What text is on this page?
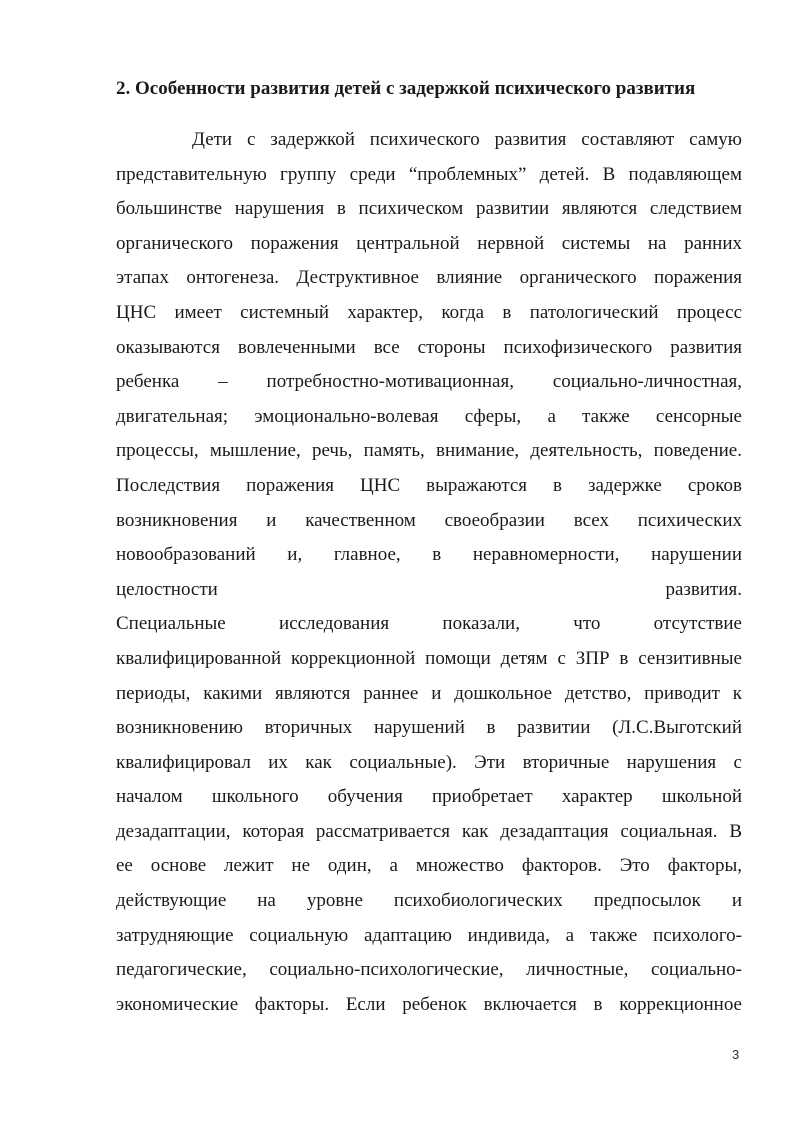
2. Особенности развития детей с задержкой психического развития
Дети с задержкой психического развития составляют самую
представительную группу среди “проблемных” детей. В подавляющем
большинстве нарушения в психическом развитии являются следствием
органического поражения центральной нервной системы на ранних
этапах онтогенеза. Деструктивное влияние органического поражения
ЦНС имеет системный характер, когда в патологический процесс
оказываются вовлеченными все стороны психофизического развития
ребенка – потребностно-мотивационная, социально-личностная,
двигательная; эмоционально-волевая сферы, а также сенсорные
процессы, мышление, речь, память, внимание, деятельность, поведение.
Последствия поражения ЦНС выражаются в задержке сроков
возникновения и качественном своеобразии всех психических
новообразований и, главное, в неравномерности, нарушении
целостности развития.
Специальные исследования показали, что отсутствие
квалифицированной коррекционной помощи детям с ЗПР в сензитивные
периоды, какими являются раннее и дошкольное детство, приводит к
возникновению вторичных нарушений в развитии (Л.С.Выготский
квалифицировал их как социальные). Эти вторичные нарушения с
началом школьного обучения приобретает характер школьной
дезадаптации, которая рассматривается как дезадаптация социальная. В
ее основе лежит не один, а множество факторов. Это факторы,
действующие на уровне психобиологических предпосылок и
затрудняющие социальную адаптацию индивида, а также психолого-
педагогические, социально-психологические, личностные, социально-
экономические факторы. Если ребенок включается в коррекционное
3
